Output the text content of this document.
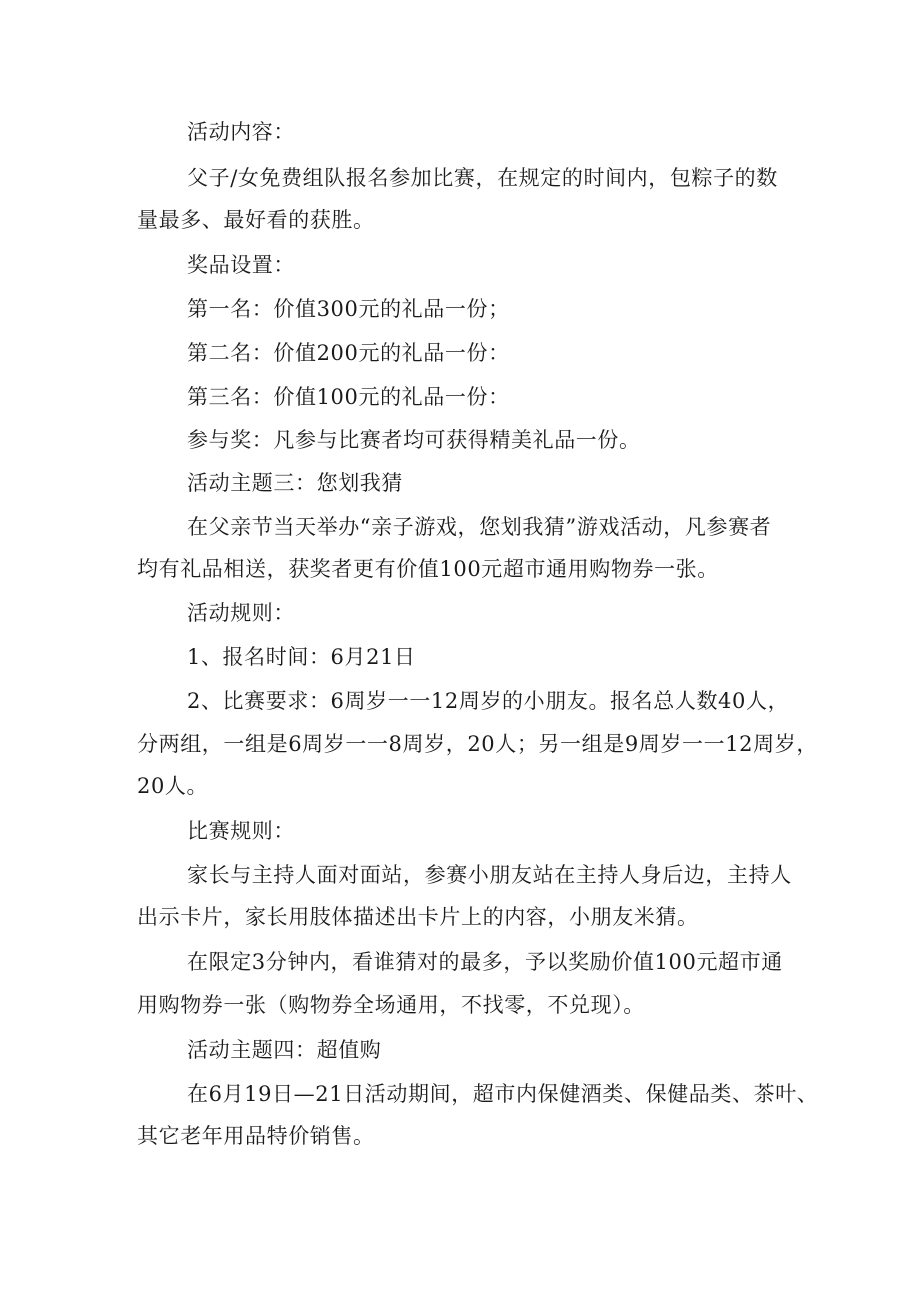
活动内容：
父子/女免费组队报名参加比赛，在规定的时间内，包粽子的数
量最多、最好看的获胜。
奖品设置：
第一名：价值300元的礼品一份；
第二名：价值200元的礼品一份：
第三名：价值100元的礼品一份：
参与奖：凡参与比赛者均可获得精美礼品一份。
活动主题三：您划我猜
在父亲节当天举办“亲子游戏，您划我猜”游戏活动，凡参赛者
均有礼品相送，获奖者更有价值100元超市通用购物券一张。
活动规则：
1、报名时间：6月21日
2、比赛要求：6周岁一一12周岁的小朋友。报名总人数40人，
分两组，一组是6周岁一一8周岁，20人；另一组是9周岁一一12周岁，
20人。
比赛规则：
家长与主持人面对面站，参赛小朋友站在主持人身后边，主持人
出示卡片，家长用肢体描述出卡片上的内容，小朋友米猜。
在限定3分钟内，看谁猜对的最多，予以奖励价值100元超市通
用购物券一张（购物券全场通用，不找零，不兑现）。
活动主题四：超值购
在6月19日—21日活动期间，超市内保健酒类、保健品类、茶叶、
其它老年用品特价销售。
